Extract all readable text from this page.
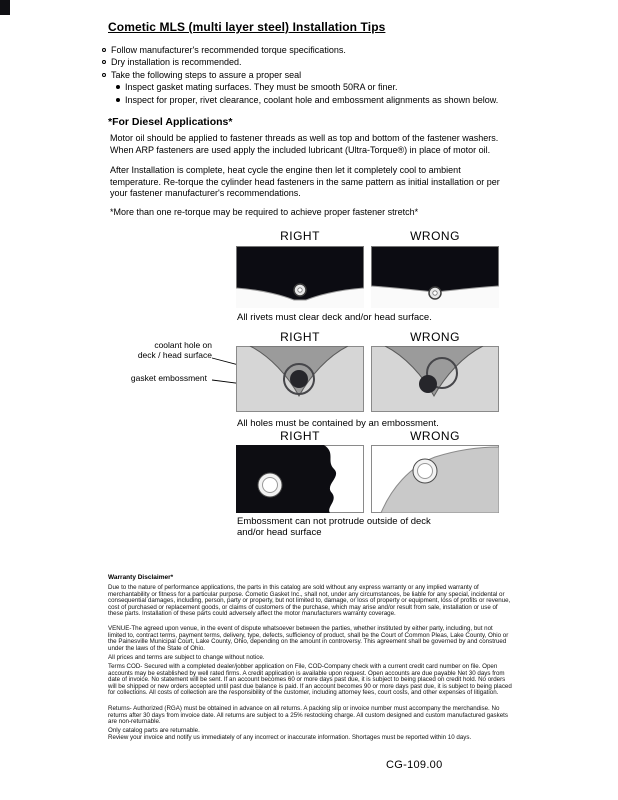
Cometic MLS (multi layer steel) Installation Tips
Follow manufacturer's recommended torque specifications.
Dry installation is recommended.
Take the following steps to assure a proper seal
Inspect gasket mating surfaces. They must be smooth 50RA or finer.
Inspect for proper, rivet clearance, coolant hole and embossment alignments as shown below.
*For Diesel Applications*
Motor oil should be applied to fastener threads as well as top and bottom of the fastener washers. When ARP fasteners are used apply the included lubricant (Ultra-Torque®) in place of motor oil.
After Installation is complete, heat cycle the engine then let it completely cool to ambient temperature. Re-torque the cylinder head fasteners in the same pattern as initial installation or per your fastener manufacturer's recommendations.
*More than one re-torque may be required to achieve proper fastener stretch*
RIGHT	WRONG
All rivets must clear deck and/or head surface.
RIGHT	WRONG
coolant hole on
deck / head surface
gasket embossment
All holes must be contained by an embossment.
RIGHT	WRONG
Embossment can not protrude outside of deck and/or head surface
Warranty Disclaimer*
Due to the nature of performance applications, the parts in this catalog are sold without any express warranty or any implied warranty of merchantability or fitness for a particular purpose. Cometic Gasket Inc., shall not, under any circumstances, be liable for any special, incidental or consequential damages, including, person, party or property, but not limited to, damage, or loss of property or equipment, loss of profits or revenue, cost of purchased or replacement goods, or claims of customers of the purchase, which may arise and/or result from sale, installation or use of these parts. Installation of these parts could adversely affect the motor manufacturers warranty coverage.
VENUE-The agreed upon venue, in the event of dispute whatsoever between the parties, whether instituted by either party, including, but not limited to, contract terms, payment terms, delivery, type, defects, sufficiency of product, shall be the Court of Common Pleas, Lake County, Ohio or the Painesville Municipal Court, Lake County, Ohio, depending on the amount in controversy. This agreement shall be governed by and construed under the laws of the State of Ohio.
All prices and terms are subject to change without notice.
Terms COD- Secured with a completed dealer/jobber application on File, COD-Company check with a current credit card number on file. Open accounts may be established by well rated firms. A credit application is available upon request. Open accounts are due payable Net 30 days from date of invoice. No statement will be sent. If an account becomes 60 or more days past due, it is subject to being placed on credit hold. No orders will be shipped or new orders accepted until past due balance is paid. If an account becomes 90 or more days past due, it is subject to being placed for collections. All costs of collection are the responsibility of the customer, including attorney fees, court costs, and other expenses of litigation.
Returns- Authorized (RGA) must be obtained in advance on all returns. A packing slip or invoice number must accompany the merchandise. No returns after 30 days from invoice date. All returns are subject to a 25% restocking charge. All custom designed and custom manufactured gaskets are non-returnable.
Only catalog parts are returnable.
Review your invoice and notify us immediately of any incorrect or inaccurate information. Shortages must be reported within 10 days.
CG-109.00
